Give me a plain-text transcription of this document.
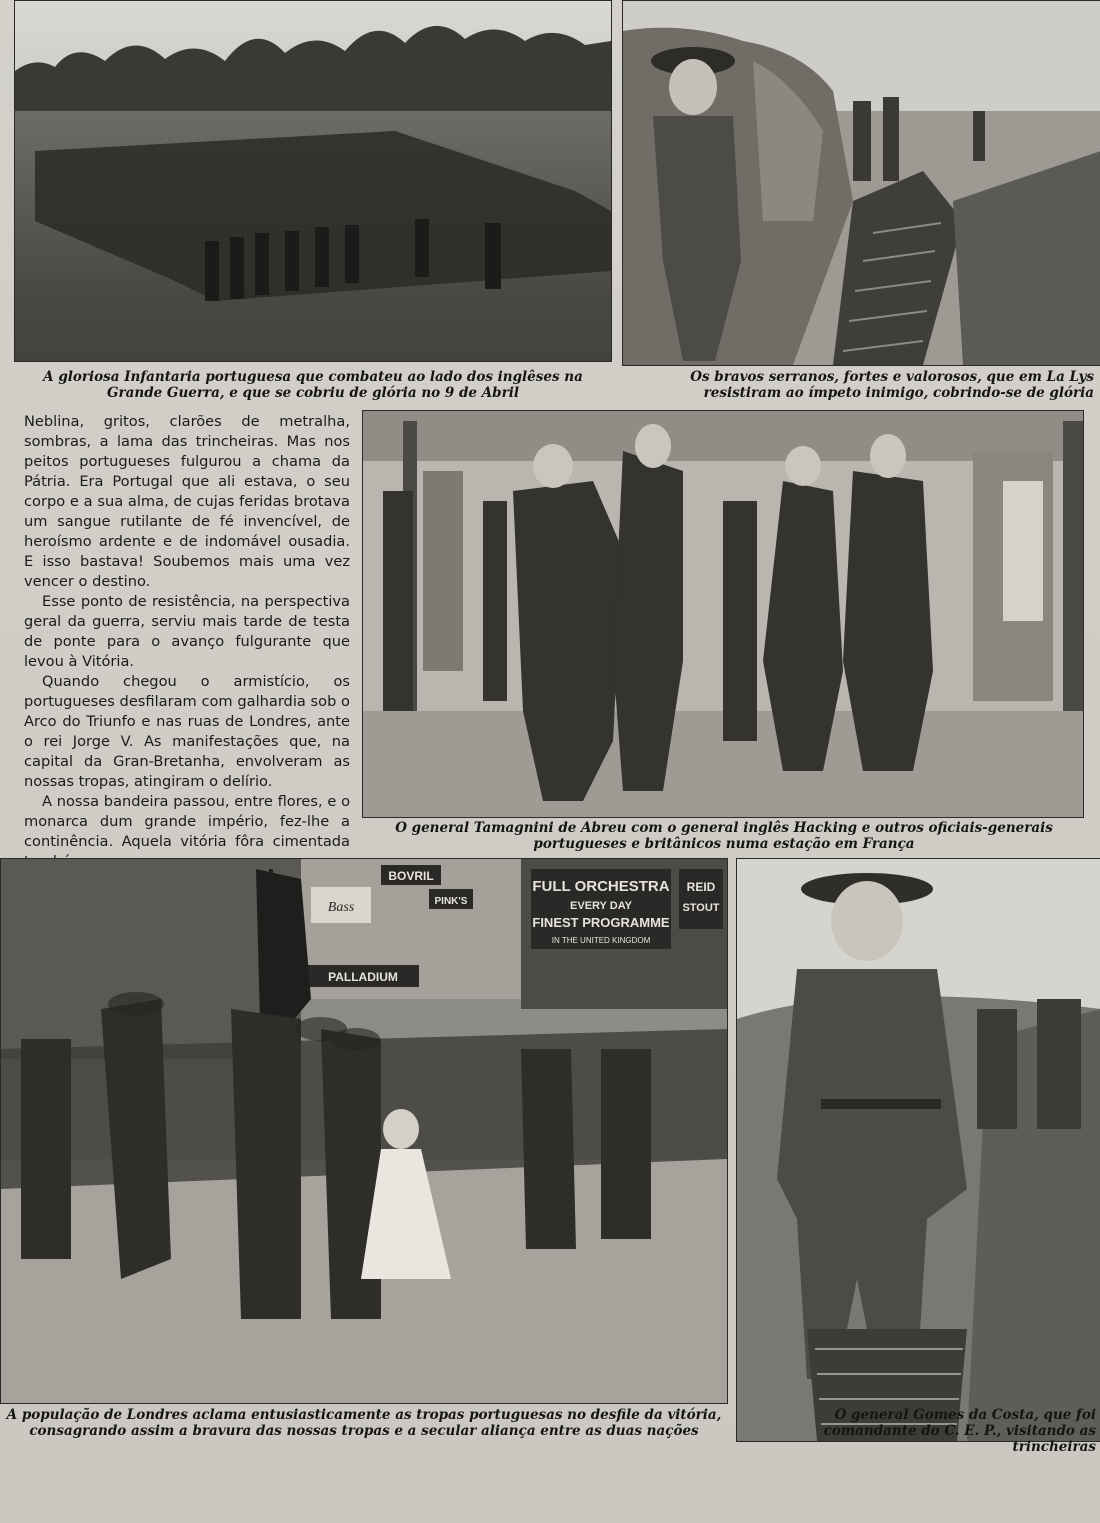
Neblina, gritos, clarões de metralha, sombras, a lama das trincheiras. Mas nos peitos portugueses fulgurou a chama da Pátria. Era Portugal que ali estava, o seu corpo e a sua alma, de cujas feridas brotava um sangue rutilante de fé invencível, de heroísmo ardente e de indomável ousadia. E isso bastava! Soubemos mais uma vez vencer o destino.

Esse ponto de resistência, na perspectiva geral da guerra, serviu mais tarde de testa de ponte para o avanço fulgurante que levou à Vitória.

Quando chegou o armistício, os portugueses desfilaram com galhardia sob o Arco do Triunfo e nas ruas de Londres, ante o rei Jorge V. As manifestações que, na capital da Gran-Bretanha, envolveram as nossas tropas, atingiram o delírio.

A nossa bandeira passou, entre flores, e o monarca dum grande império, fez-lhe a continência. Aquela vitória fôra cimentada

FULL ORCHESTRA
EVERY DAY
FINEST PROGRAMME
IN THE UNITED KINGDOM
REID
STOUT
BOVRIL
PINK'S
Bass
PALLADIUM
A gloriosa Infantaria portuguesa que combateu ao lado dos inglêses na Grande Guerra, e que se cobriu de glória no 9 de Abril
Os bravos serranos, fortes e valorosos, que em La Lys resistiram ao ímpeto inimigo, cobrindo-se de glória
O general Tamagnini de Abreu com o general inglês Hacking e outros oficiais-generais portugueses e britânicos numa estação em França
A população de Londres aclama entusiasticamente as tropas portuguesas no desfile da vitória, consagrando assim a bravura das nossas tropas e a secular aliança entre as duas nações
O general Gomes da Costa, que foi comandante do C. E. P., visitando as trincheiras
